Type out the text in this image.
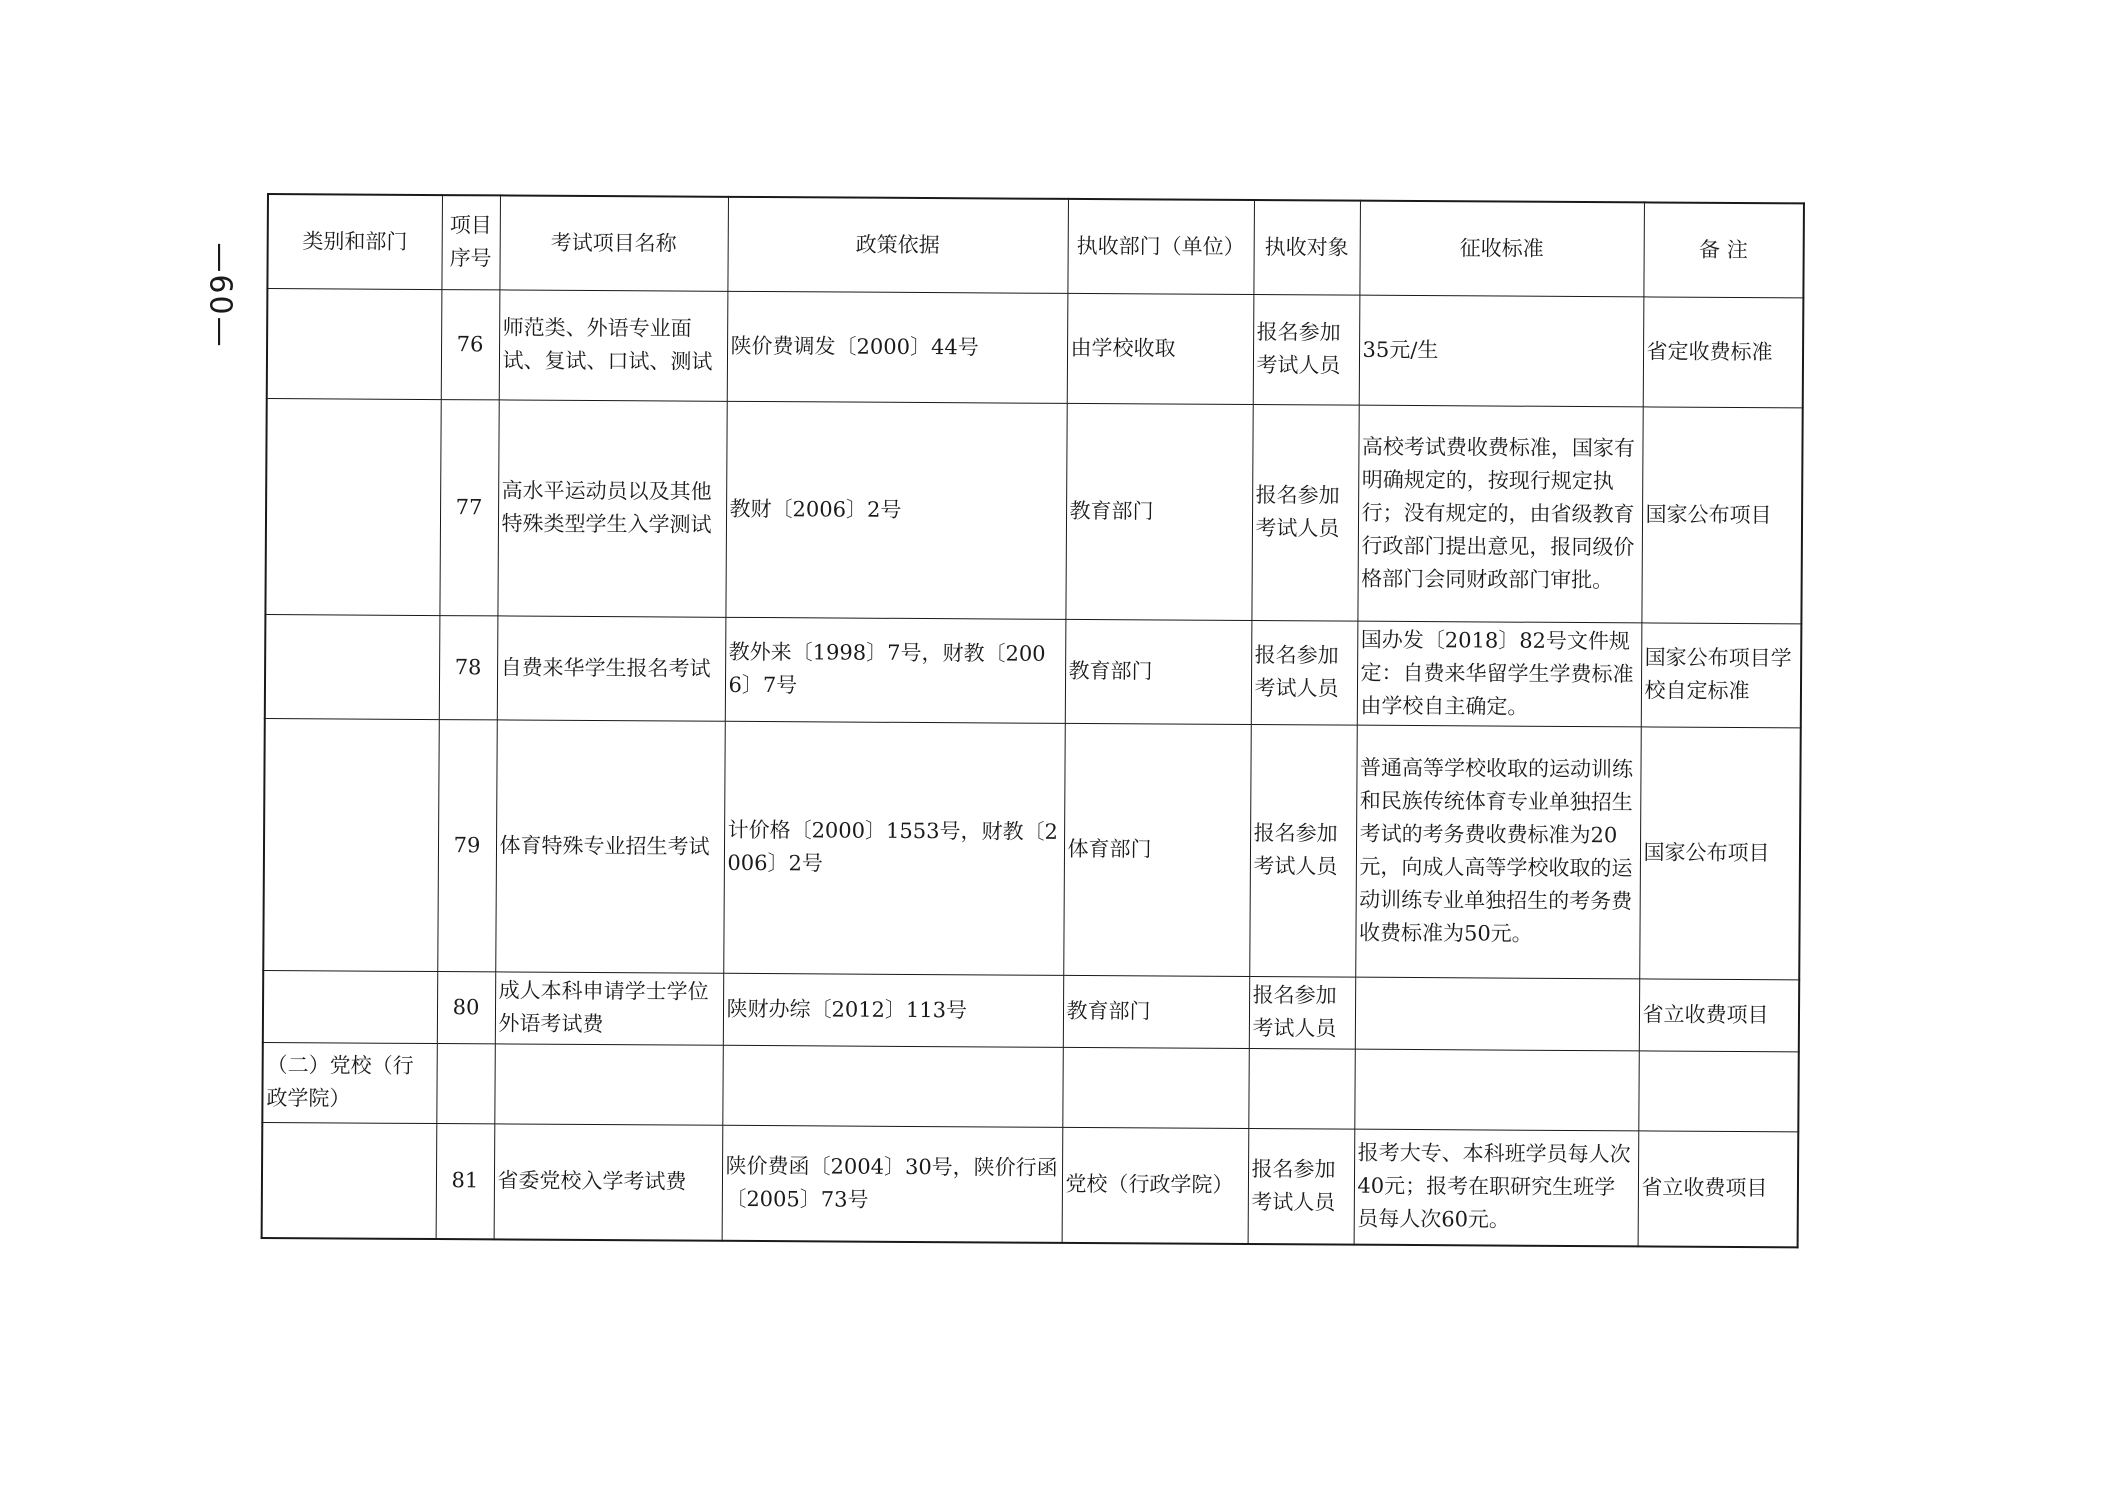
—60—
类别和部门	项目序号	考试项目名称	政策依据	执收部门（单位）	执收对象	征收标准	备 注
	76	师范类、外语专业面试、复试、口试、测试	陕价费调发〔2000〕44号	由学校收取	报名参加考试人员	35元/生	省定收费标准
	77	高水平运动员以及其他特殊类型学生入学测试	教财〔2006〕2号	教育部门	报名参加考试人员	高校考试费收费标准，国家有明确规定的，按现行规定执行；没有规定的，由省级教育行政部门提出意见，报同级价格部门会同财政部门审批。	国家公布项目
	78	自费来华学生报名考试	教外来〔1998〕7号，财教〔2006〕7号	教育部门	报名参加考试人员	国办发〔2018〕82号文件规定：自费来华留学生学费标准由学校自主确定。	国家公布项目学校自定标准
	79	体育特殊专业招生考试	计价格〔2000〕1553号，财教〔2006〕2号	体育部门	报名参加考试人员	普通高等学校收取的运动训练和民族传统体育专业单独招生考试的考务费收费标准为20元，向成人高等学校收取的运动训练专业单独招生的考务费收费标准为50元。	国家公布项目
	80	成人本科申请学士学位外语考试费	陕财办综〔2012〕113号	教育部门	报名参加考试人员		省立收费项目
（二）党校（行政学院）							
	81	省委党校入学考试费	陕价费函〔2004〕30号，陕价行函〔2005〕73号	党校（行政学院）	报名参加考试人员	报考大专、本科班学员每人次40元；报考在职研究生班学员每人次60元。	省立收费项目
